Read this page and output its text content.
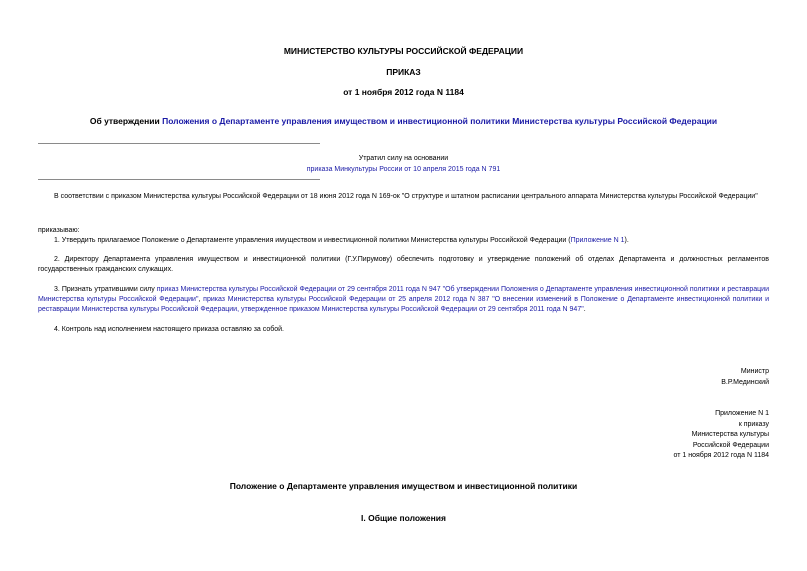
МИНИСТЕРСТВО КУЛЬТУРЫ РОССИЙСКОЙ ФЕДЕРАЦИИ
ПРИКАЗ
от 1 ноября 2012 года N 1184
Об утверждении Положения о Департаменте управления имуществом и инвестиционной политики Министерства культуры Российской Федерации
Утратил силу на основании
приказа Минкультуры России от 10 апреля 2015 года N 791
В соответствии с приказом Министерства культуры Российской Федерации от 18 июня 2012 года N 169-ок "О структуре и штатном расписании центрального аппарата Министерства культуры Российской Федерации"
приказываю:
1. Утвердить прилагаемое Положение о Департаменте управления имуществом и инвестиционной политики Министерства культуры Российской Федерации (Приложение N 1).
2. Директору Департамента управления имуществом и инвестиционной политики (Г.У.Пирумову) обеспечить подготовку и утверждение положений об отделах Департамента и должностных регламентов государственных гражданских служащих.
3. Признать утратившими силу приказ Министерства культуры Российской Федерации от 29 сентября 2011 года N 947 "Об утверждении Положения о Департаменте управления инвестиционной политики и реставрации Министерства культуры Российской Федерации", приказ Министерства культуры Российской Федерации от 25 апреля 2012 года N 387 "О внесении изменений в Положение о Департаменте инвестиционной политики и реставрации Министерства культуры Российской Федерации, утвержденное приказом Министерства культуры Российской Федерации от 29 сентября 2011 года N 947".
4. Контроль над исполнением настоящего приказа оставляю за собой.
Министр
В.Р.Мединский
Приложение N 1
к приказу
Министерства культуры
Российской Федерации
от 1 ноября 2012 года N 1184
Положение о Департаменте управления имуществом и инвестиционной политики
I. Общие положения
